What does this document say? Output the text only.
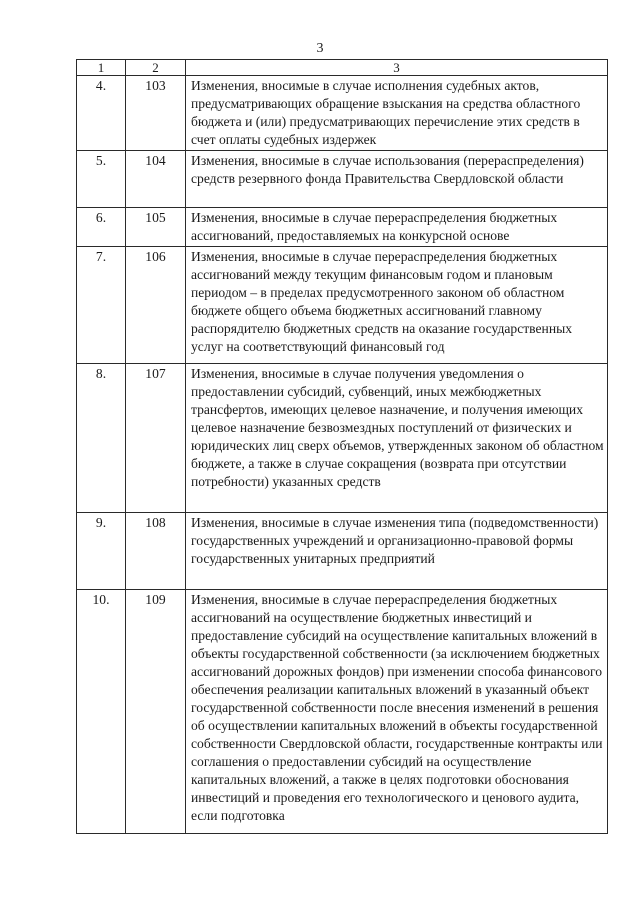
3
1	2	3

4.	103	Изменения, вносимые в случае исполнения судебных актов, предусматривающих обращение взыскания на средства областного бюджета и (или) предусматривающих перечисление этих средств в счет оплаты судебных издержек

5.	104	Изменения, вносимые в случае использования (перераспределения) средств резервного фонда Правительства Свердловской области

6.	105	Изменения, вносимые в случае перераспределения бюджетных ассигнований, предоставляемых на конкурсной основе

7.	106	Изменения, вносимые в случае перераспределения бюджетных ассигнований между текущим финансовым годом и плановым периодом – в пределах предусмотренного законом об областном бюджете общего объема бюджетных ассигнований главному распорядителю бюджетных средств на оказание государственных услуг на соответствующий финансовый год

8.	107	Изменения, вносимые в случае получения уведомления о предоставлении субсидий, субвенций, иных межбюджетных трансфертов, имеющих целевое назначение, и получения имеющих целевое назначение безвозмездных поступлений от физических и юридических лиц сверх объемов, утвержденных законом об областном бюджете, а также в случае сокращения (возврата при отсутствии потребности) указанных средств

9.	108	Изменения, вносимые в случае изменения типа (подведомственности) государственных учреждений и организационно-правовой формы государственных унитарных предприятий

10.	109	Изменения, вносимые в случае перераспределения бюджетных ассигнований на осуществление бюджетных инвестиций и предоставление субсидий на осуществление капитальных вложений в объекты государственной собственности (за исключением бюджетных ассигнований дорожных фондов) при изменении способа финансового обеспечения реализации капитальных вложений в указанный объект государственной собственности после внесения изменений в решения об осуществлении капитальных вложений в объекты государственной собственности Свердловской области, государственные контракты или соглашения о предоставлении субсидий на осуществление капитальных вложений, а также в целях подготовки обоснования инвестиций и проведения его технологического и ценового аудита, если подготовка
